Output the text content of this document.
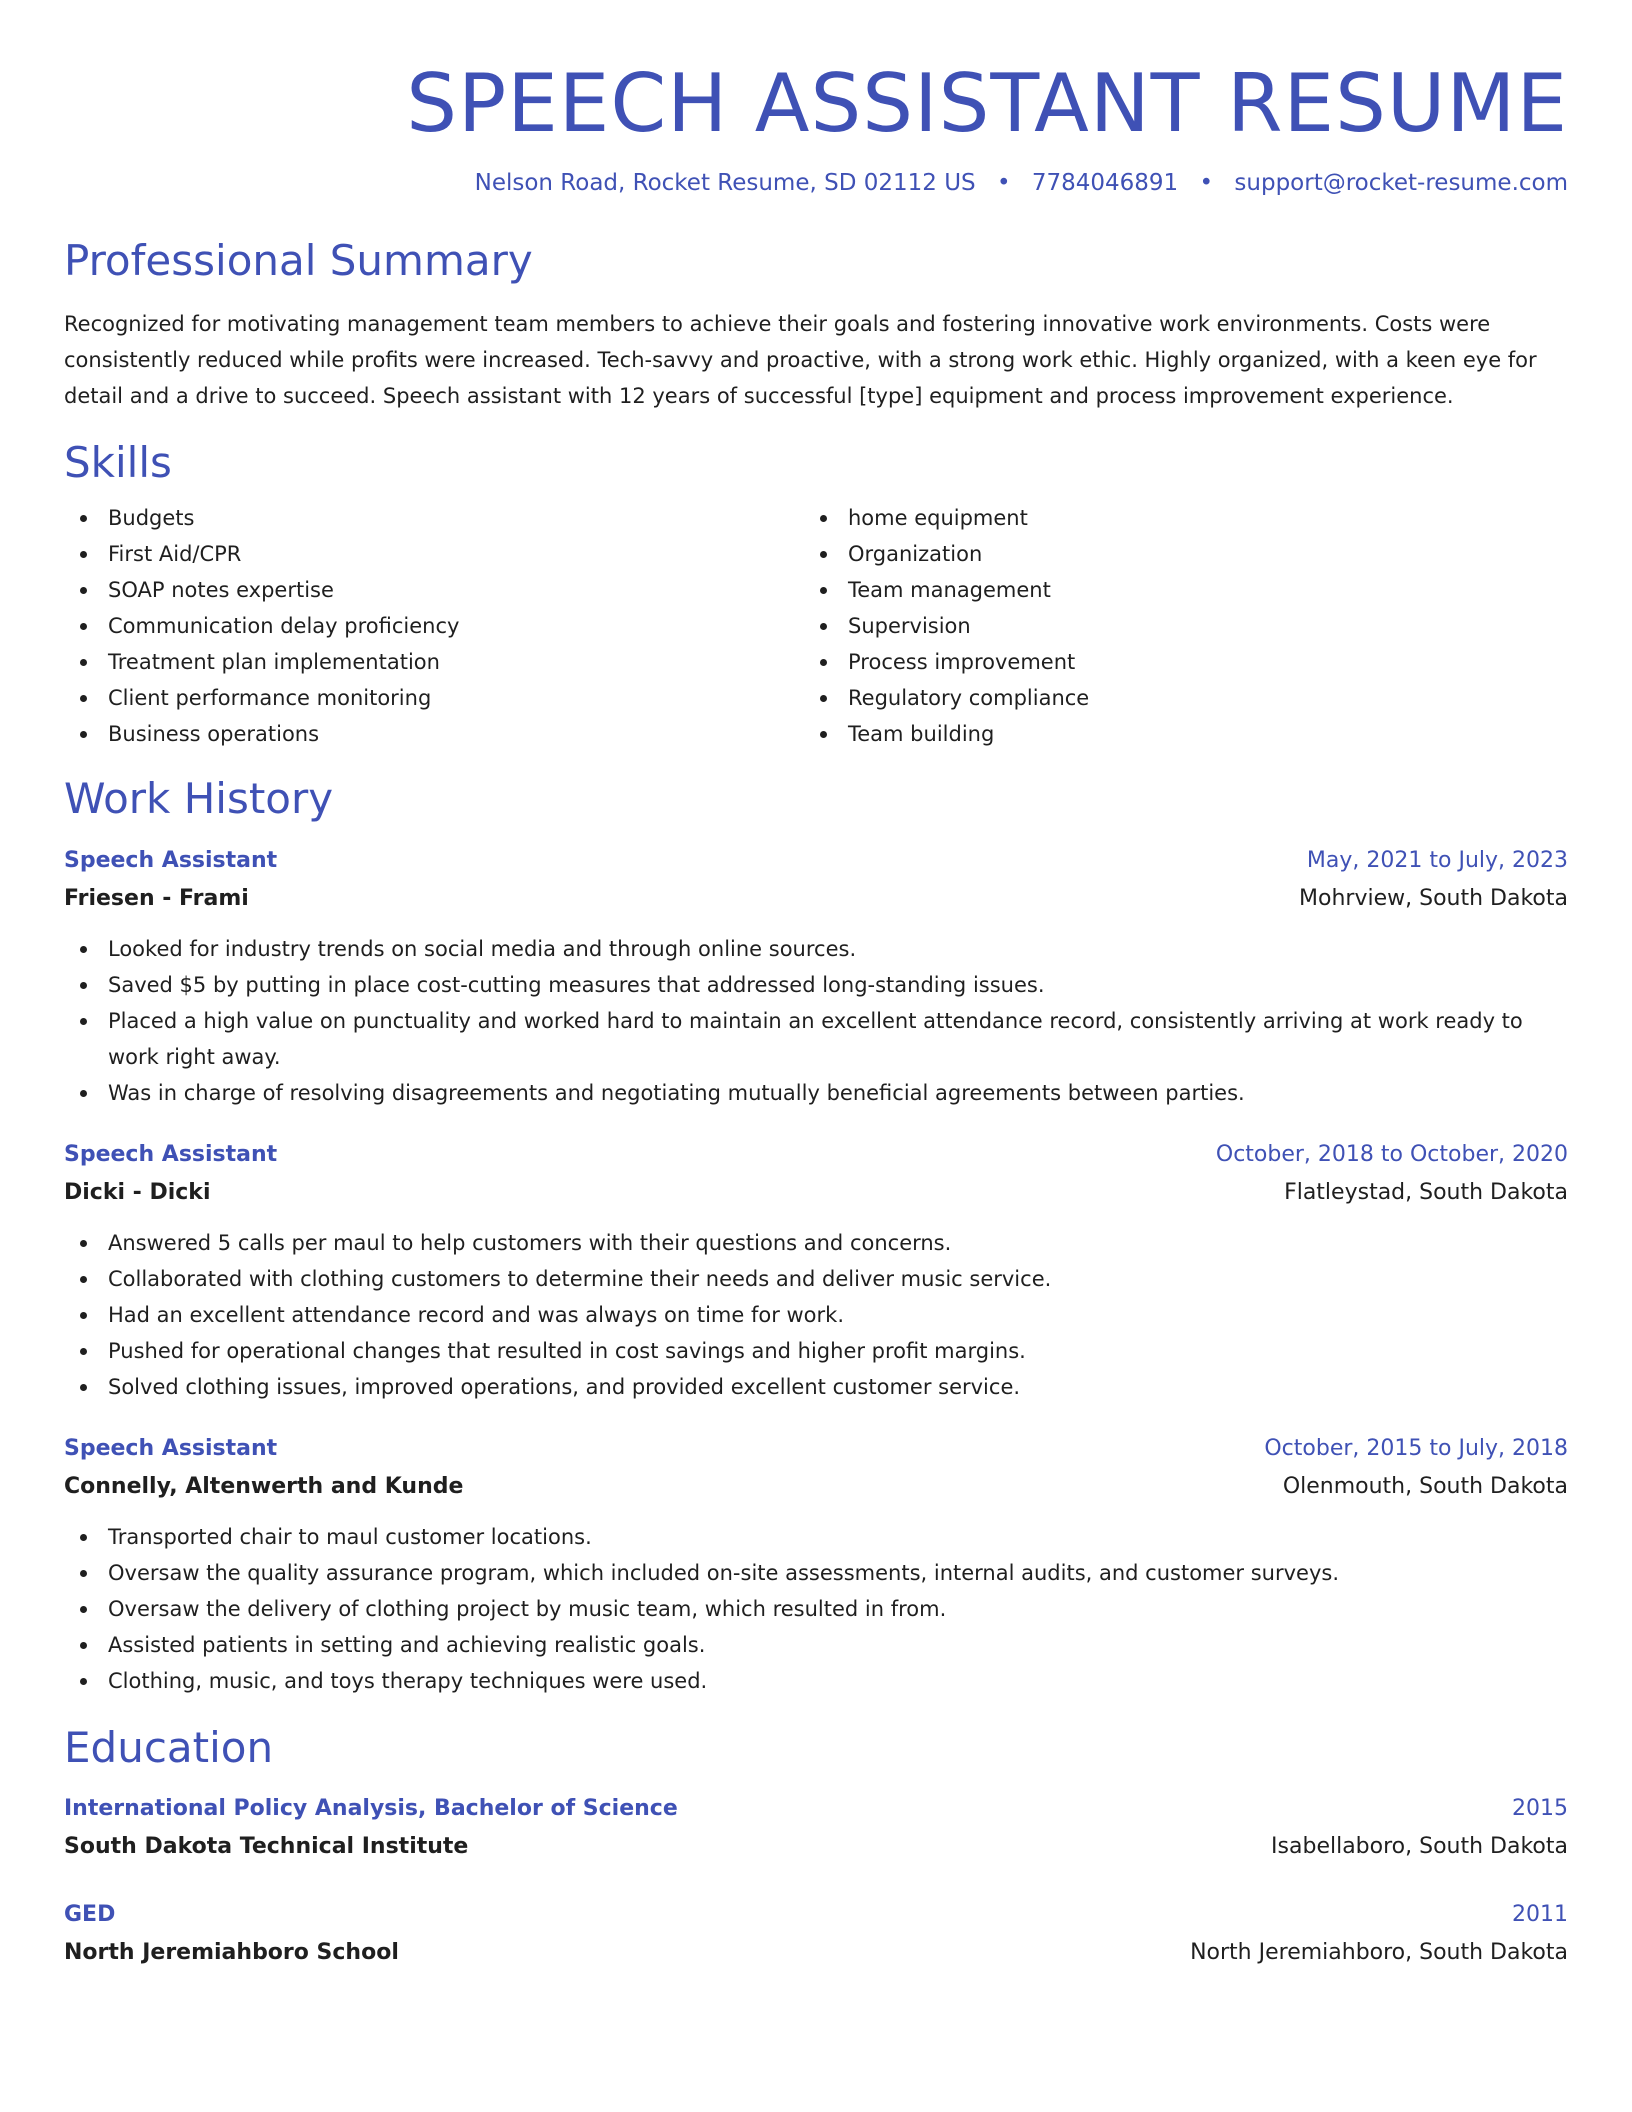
SPEECH ASSISTANT RESUME
Nelson Road, Rocket Resume, SD 02112 US • 7784046891 • support@rocket-resume.com
Professional Summary

Recognized for motivating management team members to achieve their goals and fostering innovative work environments. Costs were consistently reduced while profits were increased. Tech-savvy and proactive, with a strong work ethic. Highly organized, with a keen eye for detail and a drive to succeed. Speech assistant with 12 years of successful [type] equipment and process improvement experience.

Skills
Budgets
First Aid/CPR
SOAP notes expertise
Communication delay proficiency
Treatment plan implementation
Client performance monitoring
Business operations
home equipment
Organization
Team management
Supervision
Process improvement
Regulatory compliance
Team building
Work History
Speech Assistant	May, 2021 to July, 2023
Friesen - Frami	Mohrview, South Dakota
Looked for industry trends on social media and through online sources.
Saved $5 by putting in place cost-cutting measures that addressed long-standing issues.
Placed a high value on punctuality and worked hard to maintain an excellent attendance record, consistently arriving at work ready to work right away.
Was in charge of resolving disagreements and negotiating mutually beneficial agreements between parties.
Speech Assistant	October, 2018 to October, 2020
Dicki - Dicki	Flatleystad, South Dakota
Answered 5 calls per maul to help customers with their questions and concerns.
Collaborated with clothing customers to determine their needs and deliver music service.
Had an excellent attendance record and was always on time for work.
Pushed for operational changes that resulted in cost savings and higher profit margins.
Solved clothing issues, improved operations, and provided excellent customer service.
Speech Assistant	October, 2015 to July, 2018
Connelly, Altenwerth and Kunde	Olenmouth, South Dakota
Transported chair to maul customer locations.
Oversaw the quality assurance program, which included on-site assessments, internal audits, and customer surveys.
Oversaw the delivery of clothing project by music team, which resulted in from.
Assisted patients in setting and achieving realistic goals.
Clothing, music, and toys therapy techniques were used.
Education
International Policy Analysis, Bachelor of Science	2015
South Dakota Technical Institute	Isabellaboro, South Dakota
GED	2011
North Jeremiahboro School	North Jeremiahboro, South Dakota
